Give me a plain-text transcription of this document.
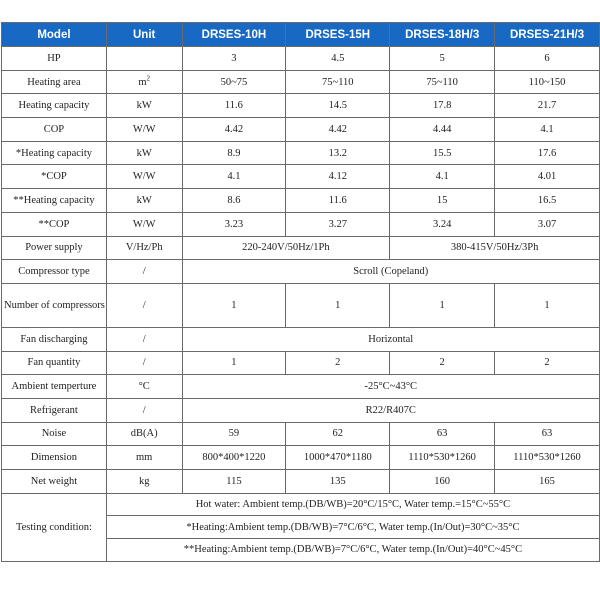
Model	Unit	DRSES-10H	DRSES-15H	DRSES-18H/3	DRSES-21H/3
HP		3	4.5	5	6
Heating area	$m^2$	50~75	75~110	75~110	110~150
Heating capacity	kW	11.6	14.5	17.8	21.7
COP	W/W	4.42	4.42	4.44	4.1
*Heating capacity	kW	8.9	13.2	15.5	17.6
*COP	W/W	4.1	4.12	4.1	4.01
**Heating capacity	kW	8.6	11.6	15	16.5
**COP	W/W	3.23	3.27	3.24	3.07
Power supply	V/Hz/Ph	220-240V/50Hz/1Ph		380-415V/50Hz/3Ph	
Compressor type	/	Scroll (Copeland)			
Number of compressors	/	1	1	1	1
Fan discharging	/	Horizontal			
Fan quantity	/	1	2	2	2
Ambient temperture	°C	-25°C~43°C			
Refrigerant	/	R22/R407C			
Noise	dB(A)	59	62	63	63
Dimension	mm	800*400*1220	1000*470*1180	1110*530*1260	1110*530*1260
Net weight	kg	115	135	160	165
Testing condition:	Hot water: Ambient temp.(DB/WB)=20°C/15°C, Water temp.=15°C~55°C				
	*Heating:Ambient temp.(DB/WB)=7°C/6°C, Water temp.(In/Out)=30°C~35°C				
	**Heating:Ambient temp.(DB/WB)=7°C/6°C, Water temp.(In/Out)=40°C~45°C				
